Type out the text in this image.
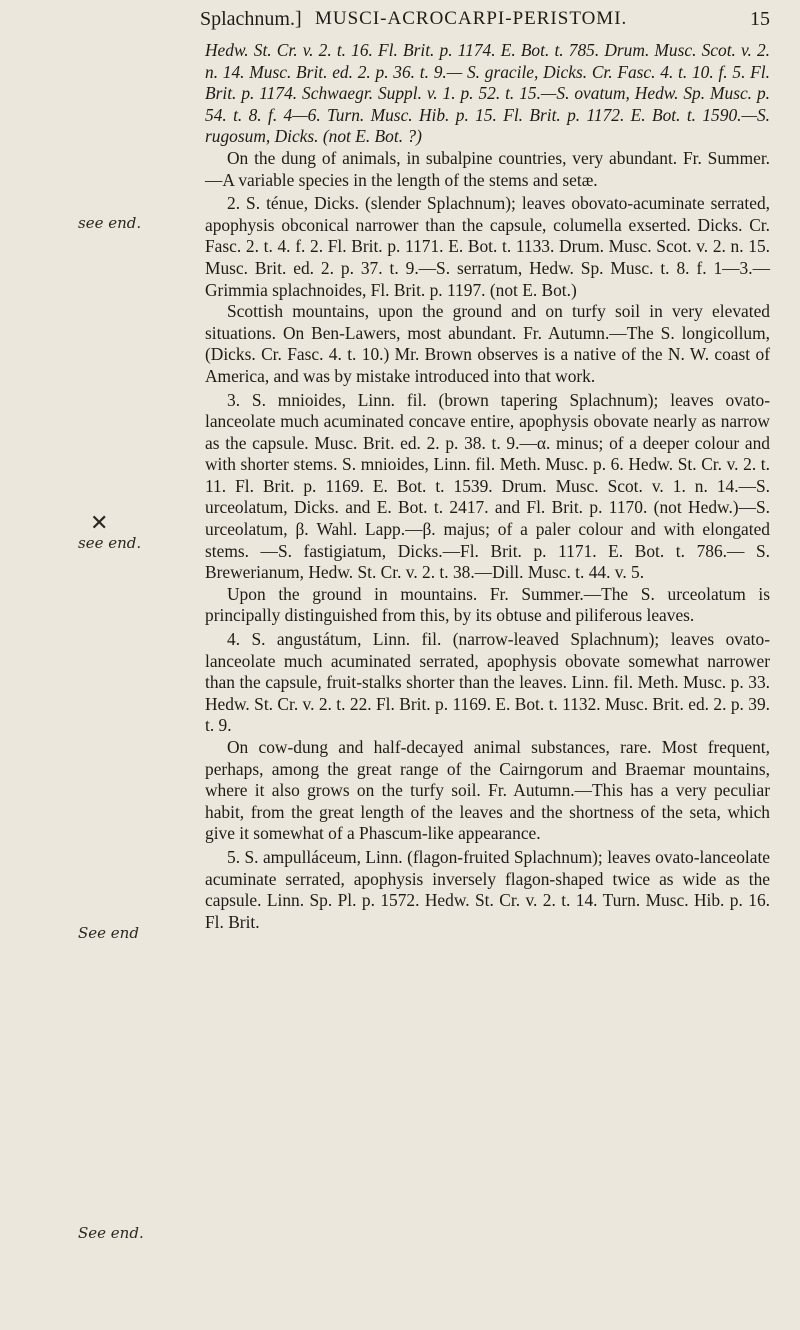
Splachnum.] MUSCI-ACROCARPI-PERISTOMI.	15
see end.
✕
see end.
See end
See end.

Hedw. St. Cr. v. 2. t. 16. Fl. Brit. p. 1174. E. Bot. t. 785. Drum. Musc. Scot. v. 2. n. 14. Musc. Brit. ed. 2. p. 36. t. 9.— S. gracile, Dicks. Cr. Fasc. 4. t. 10. f. 5. Fl. Brit. p. 1174. Schwaegr. Suppl. v. 1. p. 52. t. 15.—S. ovatum, Hedw. Sp. Musc. p. 54. t. 8. f. 4—6. Turn. Musc. Hib. p. 15. Fl. Brit. p. 1172. E. Bot. t. 1590.—S. rugosum, Dicks. (not E. Bot. ?)

On the dung of animals, in subalpine countries, very abundant. Fr. Summer.—A variable species in the length of the stems and setæ.

2. S. ténue, Dicks. (slender Splachnum); leaves obovato-acuminate serrated, apophysis obconical narrower than the capsule, columella exserted. Dicks. Cr. Fasc. 2. t. 4. f. 2. Fl. Brit. p. 1171. E. Bot. t. 1133. Drum. Musc. Scot. v. 2. n. 15. Musc. Brit. ed. 2. p. 37. t. 9.—S. serratum, Hedw. Sp. Musc. t. 8. f. 1—3.—Grimmia splachnoides, Fl. Brit. p. 1197. (not E. Bot.)

Scottish mountains, upon the ground and on turfy soil in very elevated situations. On Ben-Lawers, most abundant. Fr. Autumn.—The S. longicollum, (Dicks. Cr. Fasc. 4. t. 10.) Mr. Brown observes is a native of the N. W. coast of America, and was by mistake introduced into that work.

3. S. mnioides, Linn. fil. (brown tapering Splachnum); leaves ovato-lanceolate much acuminated concave entire, apophysis obovate nearly as narrow as the capsule. Musc. Brit. ed. 2. p. 38. t. 9.—α. minus; of a deeper colour and with shorter stems. S. mnioides, Linn. fil. Meth. Musc. p. 6. Hedw. St. Cr. v. 2. t. 11. Fl. Brit. p. 1169. E. Bot. t. 1539. Drum. Musc. Scot. v. 1. n. 14.—S. urceolatum, Dicks. and E. Bot. t. 2417. and Fl. Brit. p. 1170. (not Hedw.)—S. urceolatum, β. Wahl. Lapp.—β. majus; of a paler colour and with elongated stems. —S. fastigiatum, Dicks.—Fl. Brit. p. 1171. E. Bot. t. 786.— S. Brewerianum, Hedw. St. Cr. v. 2. t. 38.—Dill. Musc. t. 44. v. 5.

Upon the ground in mountains. Fr. Summer.—The S. urceolatum is principally distinguished from this, by its obtuse and piliferous leaves.

4. S. angustátum, Linn. fil. (narrow-leaved Splachnum); leaves ovato-lanceolate much acuminated serrated, apophysis obovate somewhat narrower than the capsule, fruit-stalks shorter than the leaves. Linn. fil. Meth. Musc. p. 33. Hedw. St. Cr. v. 2. t. 22. Fl. Brit. p. 1169. E. Bot. t. 1132. Musc. Brit. ed. 2. p. 39. t. 9.

On cow-dung and half-decayed animal substances, rare. Most frequent, perhaps, among the great range of the Cairngorum and Braemar mountains, where it also grows on the turfy soil. Fr. Autumn.—This has a very peculiar habit, from the great length of the leaves and the shortness of the seta, which give it somewhat of a Phascum-like appearance.

5. S. ampulláceum, Linn. (flagon-fruited Splachnum); leaves ovato-lanceolate acuminate serrated, apophysis inversely flagon-shaped twice as wide as the capsule. Linn. Sp. Pl. p. 1572. Hedw. St. Cr. v. 2. t. 14. Turn. Musc. Hib. p. 16. Fl. Brit.
